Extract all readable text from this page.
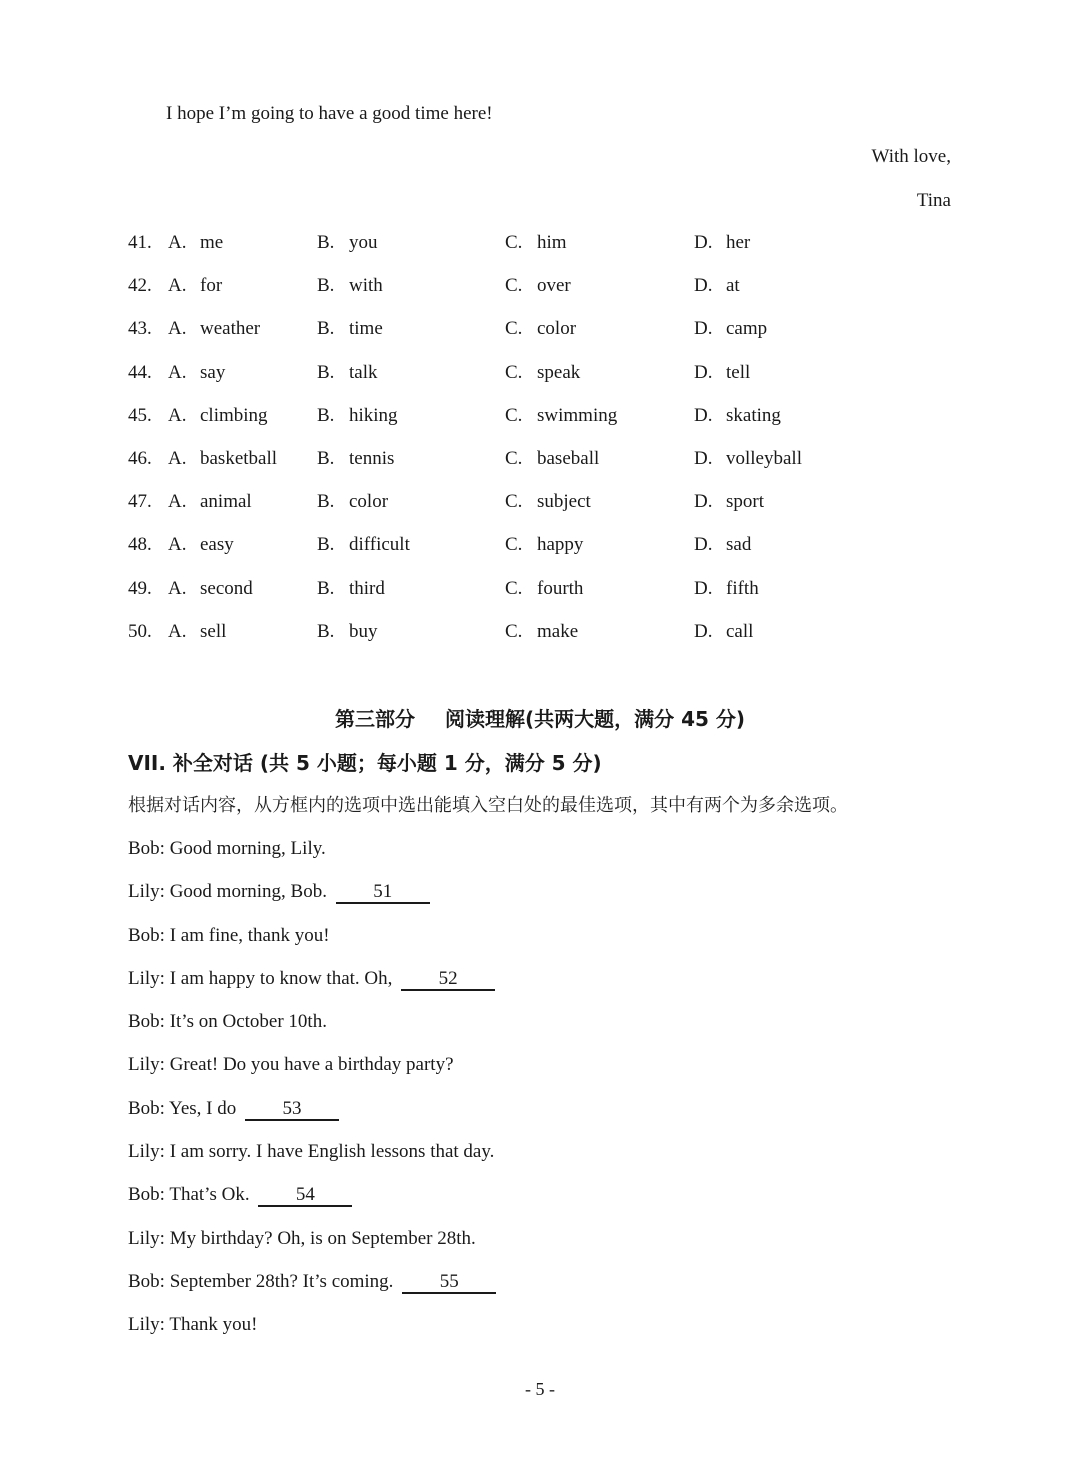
I hope I’m going to have a good time here!
With love,
Tina
41. A. me	B. you	C. him	D. her
42. A. for	B. with	C. over	D. at
43. A. weather	B. time	C. color	D. camp
44. A. say	B. talk	C. speak	D. tell
45. A. climbing	B. hiking	C. swimming	D. skating
46. A. basketball B. tennis	C. baseball	D. volleyball
47. A. animal	B. color	C. subject	D. sport
48. A. easy	B. difficult	C. happy	D. sad
49. A. second	B. third	C. fourth	D. fifth
50. A. sell	B. buy	C. make	D. call
第三部分 阅读理解(共两大题，满分 45 分)
VII. 补全对话 (共 5 小题；每小题 1 分，满分 5 分)
根据对话内容，从方框内的选项中选出能填入空白处的最佳选项，其中有两个为多余选项。
Bob: Good morning, Lily.
Lily: Good morning, Bob. 51
Bob: I am fine, thank you!
Lily: I am happy to know that. Oh, 52
Bob: It’s on October 10th.
Lily: Great! Do you have a birthday party?
Bob: Yes, I do 53
Lily: I am sorry. I have English lessons that day.
Bob: That’s Ok. 54
Lily: My birthday? Oh, is on September 28th.
Bob: September 28th? It’s coming. 55
Lily: Thank you!
- 5 -
